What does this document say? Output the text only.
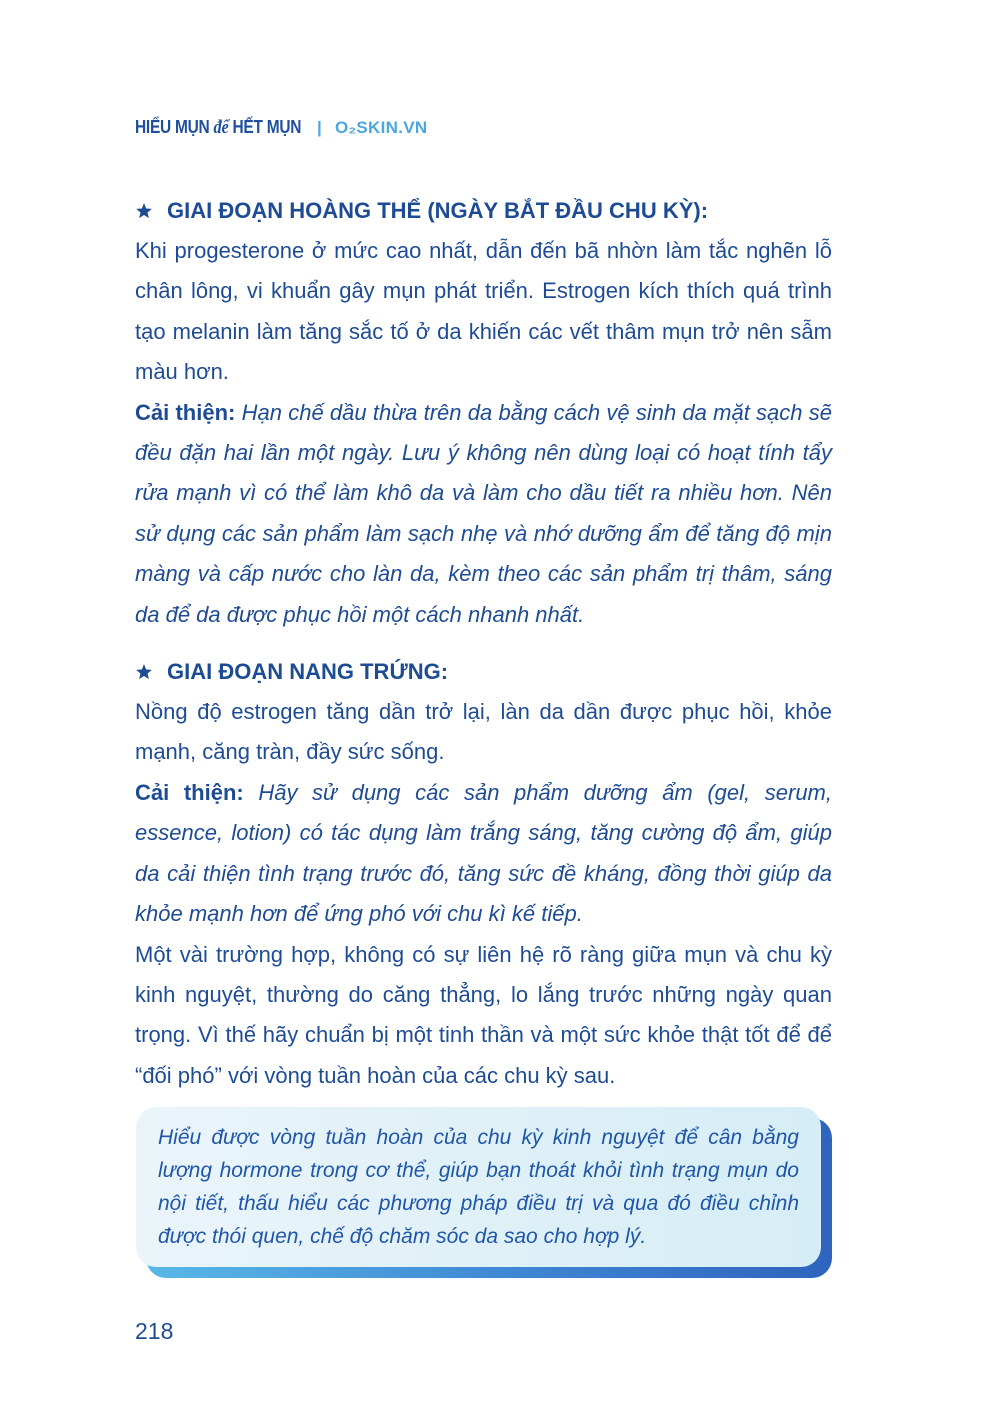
HIỂU MỤN để HẾT MỤN | O₂SKIN.VN
GIAI ĐOẠN HOÀNG THỂ (NGÀY BẮT ĐẦU CHU KỲ):

Khi progesterone ở mức cao nhất, dẫn đến bã nhờn làm tắc nghẽn lỗ chân lông, vi khuẩn gây mụn phát triển. Estrogen kích thích quá trình tạo melanin làm tăng sắc tố ở da khiến các vết thâm mụn trở nên sẫm màu hơn.

Cải thiện: Hạn chế dầu thừa trên da bằng cách vệ sinh da mặt sạch sẽ đều đặn hai lần một ngày. Lưu ý không nên dùng loại có hoạt tính tẩy rửa mạnh vì có thể làm khô da và làm cho dầu tiết ra nhiều hơn. Nên sử dụng các sản phẩm làm sạch nhẹ và nhớ dưỡng ẩm để tăng độ mịn màng và cấp nước cho làn da, kèm theo các sản phẩm trị thâm, sáng da để da được phục hồi một cách nhanh nhất.

GIAI ĐOẠN NANG TRỨNG:

Nồng độ estrogen tăng dần trở lại, làn da dần được phục hồi, khỏe mạnh, căng tràn, đầy sức sống.

Cải thiện: Hãy sử dụng các sản phẩm dưỡng ẩm (gel, serum, essence, lotion) có tác dụng làm trắng sáng, tăng cường độ ẩm, giúp da cải thiện tình trạng trước đó, tăng sức đề kháng, đồng thời giúp da khỏe mạnh hơn để ứng phó với chu kì kế tiếp.

Một vài trường hợp, không có sự liên hệ rõ ràng giữa mụn và chu kỳ kinh nguyệt, thường do căng thẳng, lo lắng trước những ngày quan trọng. Vì thế hãy chuẩn bị một tinh thần và một sức khỏe thật tốt để để “đối phó” với vòng tuần hoàn của các chu kỳ sau.

Hiểu được vòng tuần hoàn của chu kỳ kinh nguyệt để cân bằng lượng hormone trong cơ thể, giúp bạn thoát khỏi tình trạng mụn do nội tiết, thấu hiểu các phương pháp điều trị và qua đó điều chỉnh được thói quen, chế độ chăm sóc da sao cho hợp lý.

218
